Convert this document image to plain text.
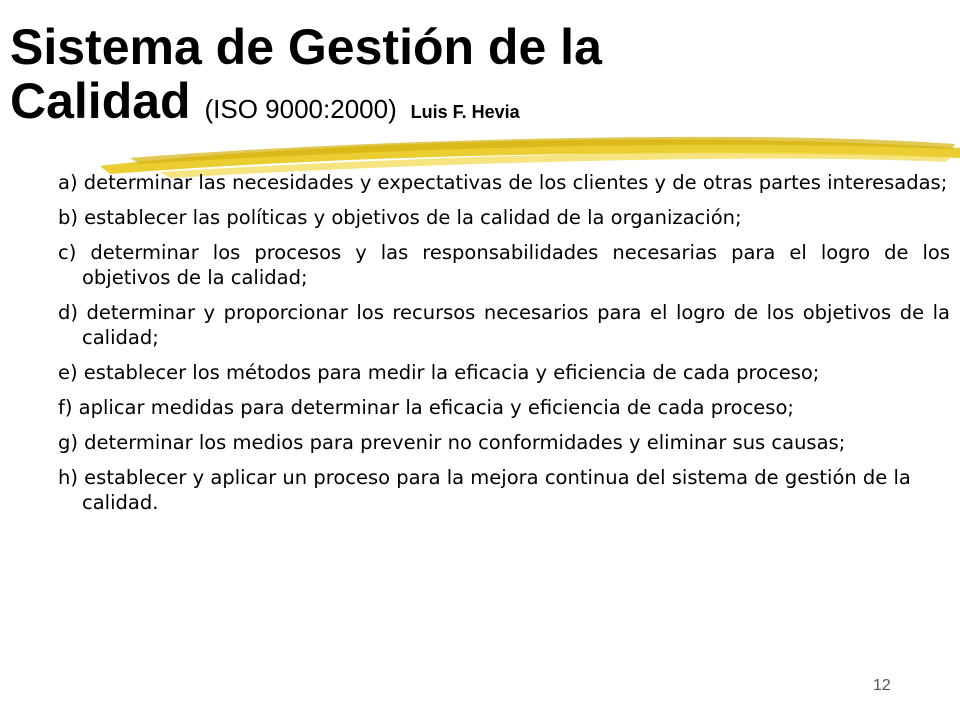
Sistema de Gestión de la
Calidad (ISO 9000:2000) Luis F. Hevia
a) determinar las necesidades y expectativas de los clientes y de otras partes interesadas;
b) establecer las políticas y objetivos de la calidad de la organización;
c) determinar los procesos y las responsabilidades necesarias para el logro de los objetivos de la calidad;
d) determinar y proporcionar los recursos necesarios para el logro de los objetivos de la calidad;
e) establecer los métodos para medir la eficacia y eficiencia de cada proceso;
f) aplicar medidas para determinar la eficacia y eficiencia de cada proceso;
g) determinar los medios para prevenir no conformidades y eliminar sus causas;
h) establecer y aplicar un proceso para la mejora continua del sistema de gestión de la calidad.
12
